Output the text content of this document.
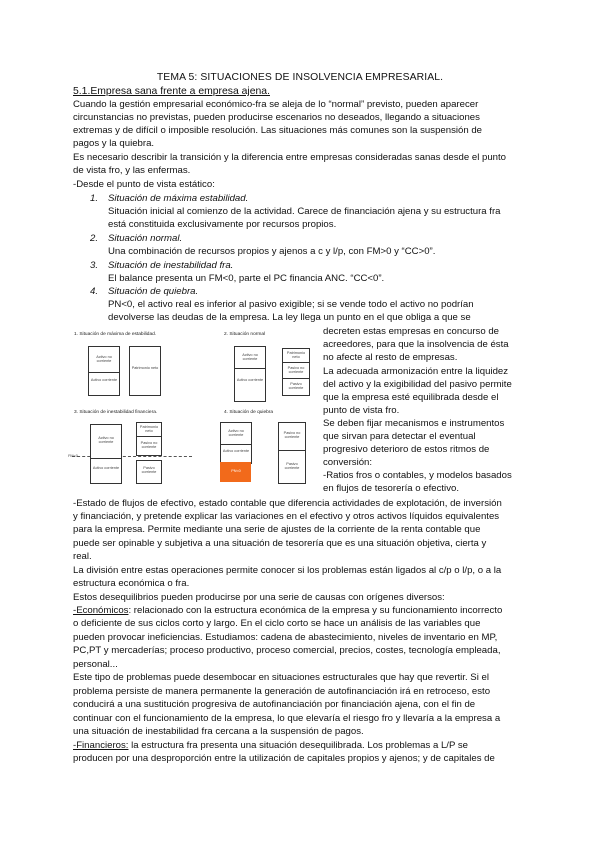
TEMA 5: SITUACIONES DE INSOLVENCIA EMPRESARIAL.
5.1.Empresa sana frente a empresa ajena.
Cuando la gestión empresarial económico-fra se aleja de lo “normal” previsto, pueden aparecer
circunstancias no previstas, pueden producirse escenarios no deseados, llegando a situaciones
extremas y de difícil o imposible resolución. Las situaciones más comunes son la suspensión de
pagos y la quiebra.
Es necesario describir la transición y la diferencia entre empresas consideradas sanas desde el punto
de vista fro, y las enfermas.
-Desde el punto de vista estático:
1. Situación de máxima estabilidad.
Situación inicial al comienzo de la actividad. Carece de financiación ajena y su estructura fra
está constituida exclusivamente por recursos propios.
2. Situación normal.
Una combinación de recursos propios y ajenos a c y l/p, con FM>0 y “CC>0”.
3. Situación de inestabilidad fra.
El balance presenta un FM<0, parte el PC financia ANC. “CC<0”.
4. Situación de quiebra.
PN<0, el activo real es inferior al pasivo exigible; si se vende todo el activo no podrían
devolverse las deudas de la empresa. La ley llega un punto en el que obliga a que se
decreten estas empresas en concurso de
acreedores, para que la insolvencia de ésta
no afecte al resto de empresas.
La adecuada armonización entre la liquidez
del activo y la exigibilidad del pasivo permite
que la empresa esté equilibrada desde el
punto de vista fro.
Se deben fijar mecanismos e instrumentos
que sirvan para detectar el eventual
progresivo deterioro de estos ritmos de
conversión:
-Ratios fros o contables, y modelos basados
en flujos de tesorería o efectivo.
1. Situación de máxima de estabilidad.	2. Situación normal
3. Situación de inestabilidad financiera.	4. Situación de quiebra
Activo no corriente
Activo corriente
Patrimonio neto
Activo no corriente
Activo corriente
Patrimonio neto
Pasivo no corriente
Pasivo corriente
FM<0
Activo no corriente
Activo corriente
Patrimonio neto
Pasivo no corriente
Pasivo corriente
Activo no corriente
Activo corriente
PN<0
Pasivo no corriente
Pasivo corriente
-Estado de flujos de efectivo, estado contable que diferencia actividades de explotación, de inversión
y financiación, y pretende explicar las variaciones en el efectivo y otros activos líquidos equivalentes
para la empresa. Permite mediante una serie de ajustes de la corriente de la renta contable que
puede ser opinable y subjetiva a una situación de tesorería que es una situación objetiva, cierta y
real.
La división entre estas operaciones permite conocer si los problemas están ligados al c/p o l/p, o a la
estructura económica o fra.
Estos desequilibrios pueden producirse por una serie de causas con orígenes diversos:
-Económicos: relacionado con la estructura económica de la empresa y su funcionamiento incorrecto
o deficiente de sus ciclos corto y largo. En el ciclo corto se hace un análisis de las variables que
pueden provocar ineficiencias. Estudiamos: cadena de abastecimiento, niveles de inventario en MP,
PC,PT y mercaderías; proceso productivo, proceso comercial, precios, costes, tecnología empleada,
personal...
Este tipo de problemas puede desembocar en situaciones estructurales que hay que revertir. Si el
problema persiste de manera permanente la generación de autofinanciación irá en retroceso, esto
conducirá a una sustitución progresiva de autofinanciación por financiación ajena, con el fin de
continuar con el funcionamiento de la empresa, lo que elevaría el riesgo fro y llevaría a la empresa a
una situación de inestabilidad fra cercana a la suspensión de pagos.
-Financieros: la estructura fra presenta una situación desequilibrada. Los problemas a L/P se
producen por una desproporción entre la utilización de capitales propios y ajenos; y de capitales de
